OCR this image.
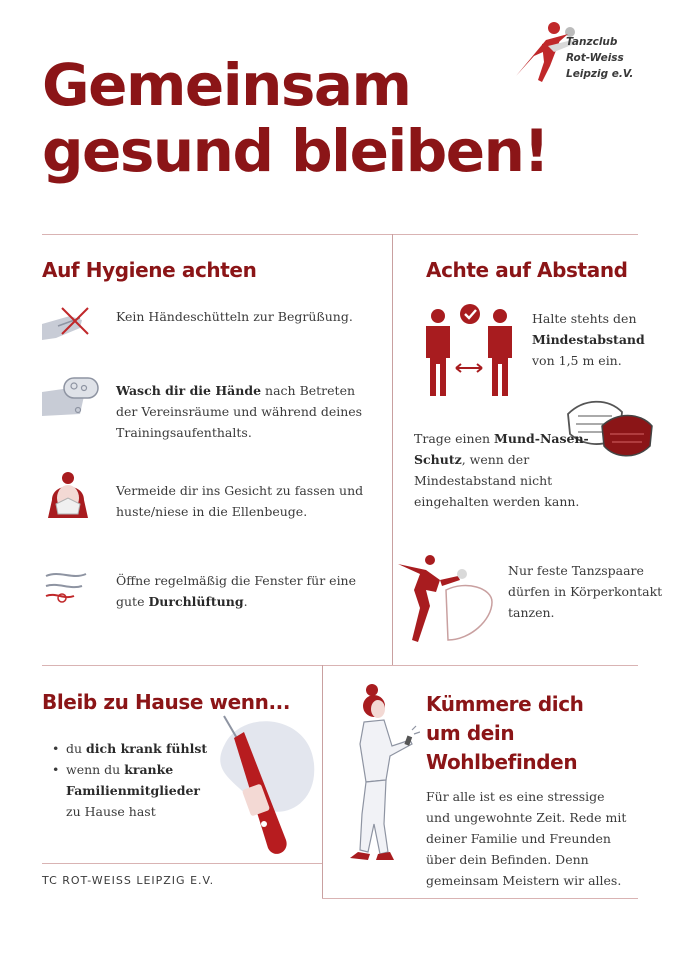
Gemeinsam
gesund bleiben!
Tanzclub
Rot-Weiss
Leipzig e.V.
Auf Hygiene achten
Kein Händeschütteln zur Begrüßung.
Wasch dir die Hände nach Betreten der Vereinsräume und während deines Trainingsaufenthalts.
Vermeide dir ins Gesicht zu fassen und huste/niese in die Ellenbeuge.
Öffne regelmäßig die Fenster für eine gute Durchlüftung.
Achte auf Abstand
Halte stehts den Mindestabstand von 1,5 m ein.
Trage einen Mund-Nasen-Schutz, wenn der Mindestabstand nicht eingehalten werden kann.
Nur feste Tanzspaare dürfen in Körperkontakt tanzen.
Bleib zu Hause wenn...
• du dich krank fühlst
• wenn du kranke Familienmitglieder zu Hause hast
TC ROT-WEISS LEIPZIG E.V.
Kümmere dich
um dein
Wohlbefinden
Für alle ist es eine stressige und ungewohnte Zeit. Rede mit deiner Familie und Freunden über dein Befinden. Denn gemeinsam Meistern wir alles.
